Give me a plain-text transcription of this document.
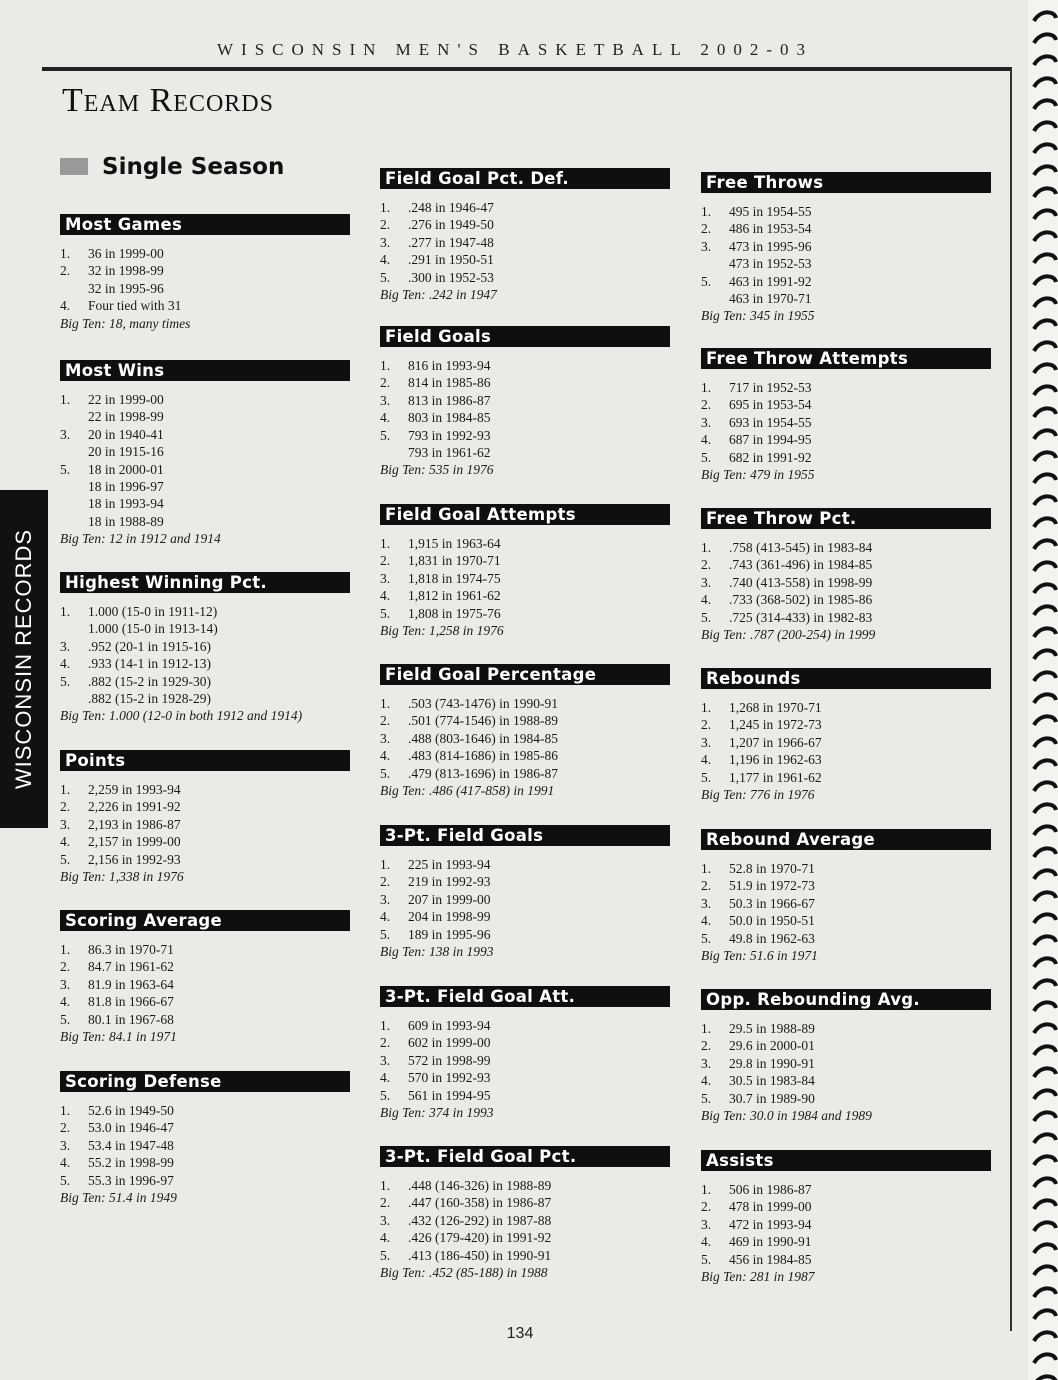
WISCONSIN MEN'S BASKETBALL 2002-03
Team Records
WISCONSIN RECORDS
Single Season
Most Games
1.	36 in 1999-00
2.	32 in 1998-99
32 in 1995-96
4.	Four tied with 31
Big Ten: 18, many times
Most Wins
1.	22 in 1999-00
22 in 1998-99
3.	20 in 1940-41
20 in 1915-16
5.	18 in 2000-01
18 in 1996-97
18 in 1993-94
18 in 1988-89
Big Ten: 12 in 1912 and 1914
Highest Winning Pct.
1.	1.000 (15-0 in 1911-12)
1.000 (15-0 in 1913-14)
3.	.952 (20-1 in 1915-16)
4.	.933 (14-1 in 1912-13)
5.	.882 (15-2 in 1929-30)
.882 (15-2 in 1928-29)
Big Ten: 1.000 (12-0 in both 1912 and 1914)
Points
1.	2,259 in 1993-94
2.	2,226 in 1991-92
3.	2,193 in 1986-87
4.	2,157 in 1999-00
5.	2,156 in 1992-93
Big Ten: 1,338 in 1976
Scoring Average
1.	86.3 in 1970-71
2.	84.7 in 1961-62
3.	81.9 in 1963-64
4.	81.8 in 1966-67
5.	80.1 in 1967-68
Big Ten: 84.1 in 1971
Scoring Defense
1.	52.6 in 1949-50
2.	53.0 in 1946-47
3.	53.4 in 1947-48
4.	55.2 in 1998-99
5.	55.3 in 1996-97
Big Ten: 51.4 in 1949
Field Goal Pct. Def.
1.	.248 in 1946-47
2.	.276 in 1949-50
3.	.277 in 1947-48
4.	.291 in 1950-51
5.	.300 in 1952-53
Big Ten: .242 in 1947
Field Goals
1.	816 in 1993-94
2.	814 in 1985-86
3.	813 in 1986-87
4.	803 in 1984-85
5.	793 in 1992-93
793 in 1961-62
Big Ten: 535 in 1976
Field Goal Attempts
1.	1,915 in 1963-64
2.	1,831 in 1970-71
3.	1,818 in 1974-75
4.	1,812 in 1961-62
5.	1,808 in 1975-76
Big Ten: 1,258 in 1976
Field Goal Percentage
1.	.503 (743-1476) in 1990-91
2.	.501 (774-1546) in 1988-89
3.	.488 (803-1646) in 1984-85
4.	.483 (814-1686) in 1985-86
5.	.479 (813-1696) in 1986-87
Big Ten: .486 (417-858) in 1991
3-Pt. Field Goals
1.	225 in 1993-94
2.	219 in 1992-93
3.	207 in 1999-00
4.	204 in 1998-99
5.	189 in 1995-96
Big Ten: 138 in 1993
3-Pt. Field Goal Att.
1.	609 in 1993-94
2.	602 in 1999-00
3.	572 in 1998-99
4.	570 in 1992-93
5.	561 in 1994-95
Big Ten: 374 in 1993
3-Pt. Field Goal Pct.
1.	.448 (146-326) in 1988-89
2.	.447 (160-358) in 1986-87
3.	.432 (126-292) in 1987-88
4.	.426 (179-420) in 1991-92
5.	.413 (186-450) in 1990-91
Big Ten: .452 (85-188) in 1988
Free Throws
1.	495 in 1954-55
2.	486 in 1953-54
3.	473 in 1995-96
473 in 1952-53
5.	463 in 1991-92
463 in 1970-71
Big Ten: 345 in 1955
Free Throw Attempts
1.	717 in 1952-53
2.	695 in 1953-54
3.	693 in 1954-55
4.	687 in 1994-95
5.	682 in 1991-92
Big Ten: 479 in 1955
Free Throw Pct.
1.	.758 (413-545) in 1983-84
2.	.743 (361-496) in 1984-85
3.	.740 (413-558) in 1998-99
4.	.733 (368-502) in 1985-86
5.	.725 (314-433) in 1982-83
Big Ten: .787 (200-254) in 1999
Rebounds
1.	1,268 in 1970-71
2.	1,245 in 1972-73
3.	1,207 in 1966-67
4.	1,196 in 1962-63
5.	1,177 in 1961-62
Big Ten: 776 in 1976
Rebound Average
1.	52.8 in 1970-71
2.	51.9 in 1972-73
3.	50.3 in 1966-67
4.	50.0 in 1950-51
5.	49.8 in 1962-63
Big Ten: 51.6 in 1971
Opp. Rebounding Avg.
1.	29.5 in 1988-89
2.	29.6 in 2000-01
3.	29.8 in 1990-91
4.	30.5 in 1983-84
5.	30.7 in 1989-90
Big Ten: 30.0 in 1984 and 1989
Assists
1.	506 in 1986-87
2.	478 in 1999-00
3.	472 in 1993-94
4.	469 in 1990-91
5.	456 in 1984-85
Big Ten: 281 in 1987
134
